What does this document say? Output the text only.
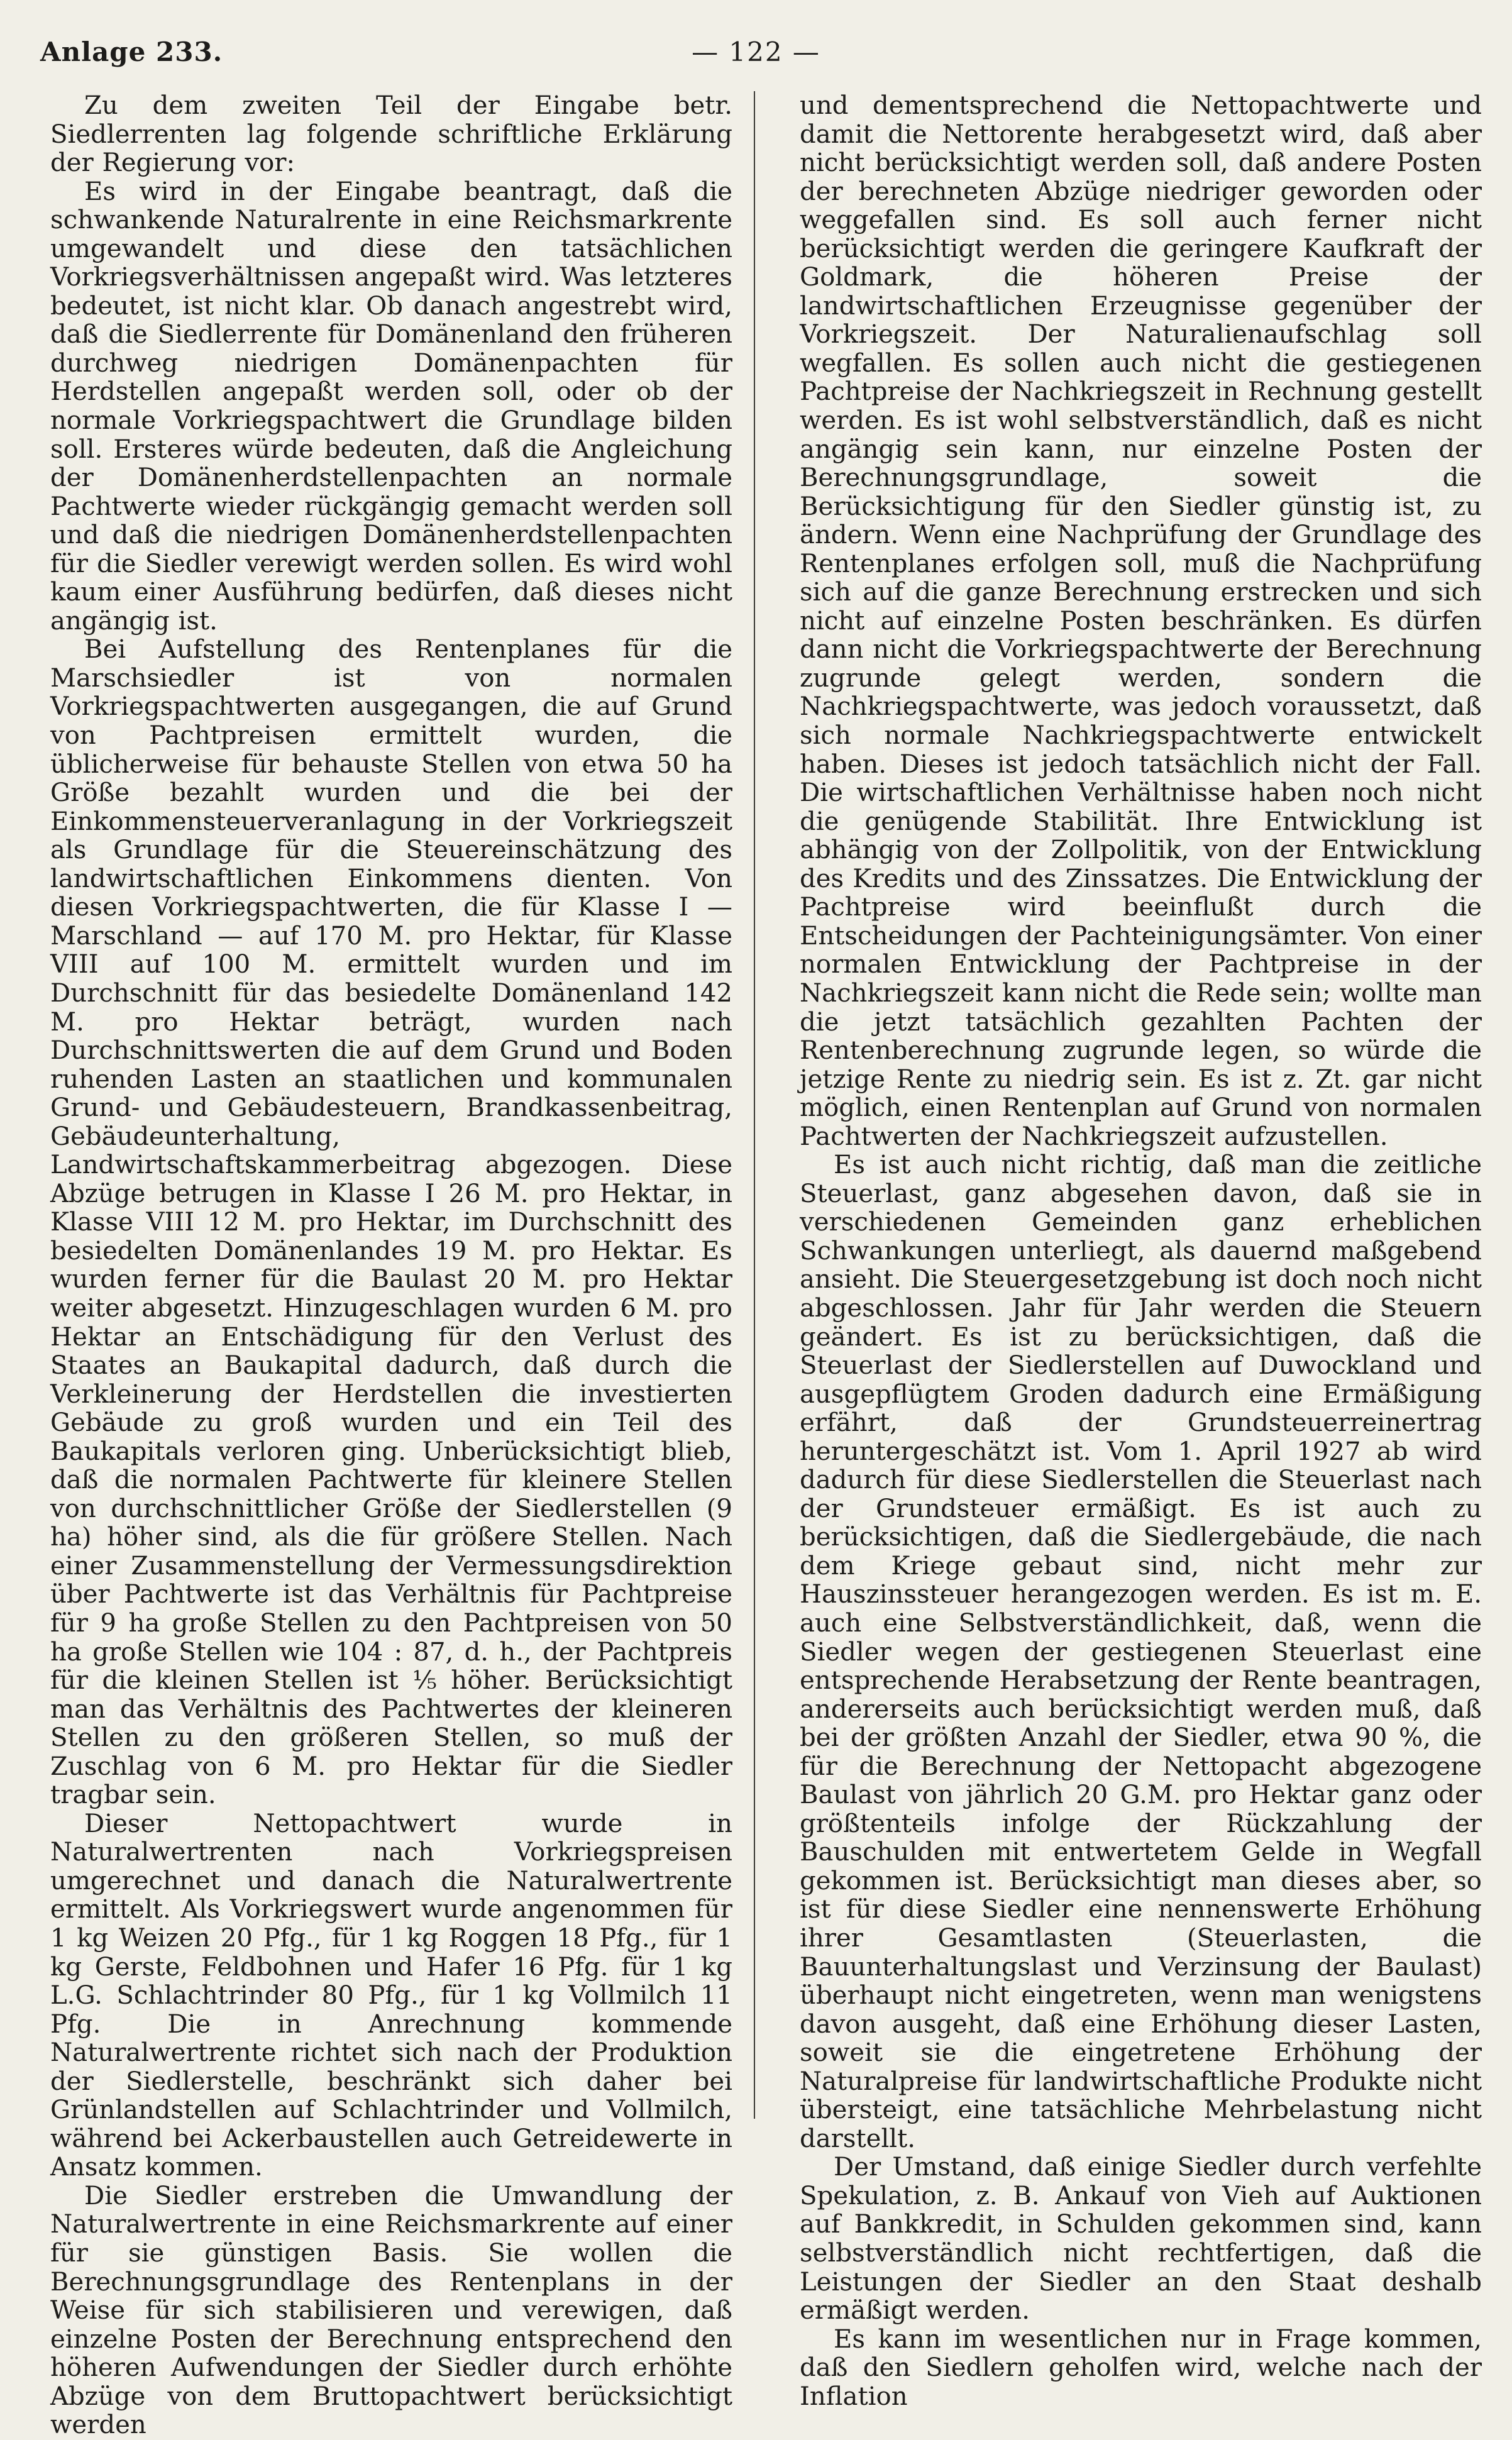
Anlage 233.	— 122 —

Zu dem zweiten Teil der Eingabe betr. Siedlerrenten lag folgende schriftliche Erklärung der Regierung vor:

Es wird in der Eingabe beantragt, daß die schwankende Naturalrente in eine Reichsmarkrente umgewandelt und diese den tatsächlichen Vorkriegsverhältnissen angepaßt wird. Was letzteres bedeutet, ist nicht klar. Ob danach angestrebt wird, daß die Siedlerrente für Domänenland den früheren durchweg niedrigen Domänenpachten für Herdstellen angepaßt werden soll, oder ob der normale Vorkriegspachtwert die Grundlage bilden soll. Ersteres würde bedeuten, daß die Angleichung der Domänenherdstellenpachten an normale Pachtwerte wieder rückgängig gemacht werden soll und daß die niedrigen Domänenherdstellenpachten für die Siedler verewigt werden sollen. Es wird wohl kaum einer Ausführung bedürfen, daß dieses nicht angängig ist.

Bei Aufstellung des Rentenplanes für die Marschsiedler ist von normalen Vorkriegspachtwerten ausgegangen, die auf Grund von Pachtpreisen ermittelt wurden, die üblicherweise für behauste Stellen von etwa 50 ha Größe bezahlt wurden und die bei der Einkommensteuerveranlagung in der Vorkriegszeit als Grundlage für die Steuereinschätzung des landwirtschaftlichen Einkommens dienten. Von diesen Vorkriegspachtwerten, die für Klasse I — Marschland — auf 170 M. pro Hektar, für Klasse VIII auf 100 M. ermittelt wurden und im Durchschnitt für das besiedelte Domänenland 142 M. pro Hektar beträgt, wurden nach Durchschnittswerten die auf dem Grund und Boden ruhenden Lasten an staatlichen und kommunalen Grund- und Gebäudesteuern, Brandkassenbeitrag, Gebäudeunterhaltung, Landwirtschaftskammerbeitrag abgezogen. Diese Abzüge betrugen in Klasse I 26 M. pro Hektar, in Klasse VIII 12 M. pro Hektar, im Durchschnitt des besiedelten Domänenlandes 19 M. pro Hektar. Es wurden ferner für die Baulast 20 M. pro Hektar weiter abgesetzt. Hinzugeschlagen wurden 6 M. pro Hektar an Entschädigung für den Verlust des Staates an Baukapital dadurch, daß durch die Verkleinerung der Herdstellen die investierten Gebäude zu groß wurden und ein Teil des Baukapitals verloren ging. Unberücksichtigt blieb, daß die normalen Pachtwerte für kleinere Stellen von durchschnittlicher Größe der Siedlerstellen (9 ha) höher sind, als die für größere Stellen. Nach einer Zusammenstellung der Vermessungsdirektion über Pachtwerte ist das Verhältnis für Pachtpreise für 9 ha große Stellen zu den Pachtpreisen von 50 ha große Stellen wie 104 : 87, d. h., der Pachtpreis für die kleinen Stellen ist ⅕ höher. Berücksichtigt man das Verhältnis des Pachtwertes der kleineren Stellen zu den größeren Stellen, so muß der Zuschlag von 6 M. pro Hektar für die Siedler tragbar sein.

Dieser Nettopachtwert wurde in Naturalwertrenten nach Vorkriegspreisen umgerechnet und danach die Naturalwertrente ermittelt. Als Vorkriegswert wurde angenommen für 1 kg Weizen 20 Pfg., für 1 kg Roggen 18 Pfg., für 1 kg Gerste, Feldbohnen und Hafer 16 Pfg. für 1 kg L.G. Schlachtrinder 80 Pfg., für 1 kg Vollmilch 11 Pfg. Die in Anrechnung kommende Naturalwertrente richtet sich nach der Produktion der Siedlerstelle, beschränkt sich daher bei Grünlandstellen auf Schlachtrinder und Vollmilch, während bei Ackerbaustellen auch Getreidewerte in Ansatz kommen.

Die Siedler erstreben die Umwandlung der Naturalwertrente in eine Reichsmarkrente auf einer für sie günstigen Basis. Sie wollen die Berechnungsgrundlage des Rentenplans in der Weise für sich stabilisieren und verewigen, daß einzelne Posten der Berechnung entsprechend den höheren Aufwendungen der Siedler durch erhöhte Abzüge von dem Bruttopachtwert berücksichtigt werden

und dementsprechend die Nettopachtwerte und damit die Nettorente herabgesetzt wird, daß aber nicht berücksichtigt werden soll, daß andere Posten der berechneten Abzüge niedriger geworden oder weggefallen sind. Es soll auch ferner nicht berücksichtigt werden die geringere Kaufkraft der Goldmark, die höheren Preise der landwirtschaftlichen Erzeugnisse gegenüber der Vorkriegszeit. Der Naturalienaufschlag soll wegfallen. Es sollen auch nicht die gestiegenen Pachtpreise der Nachkriegszeit in Rechnung gestellt werden. Es ist wohl selbstverständlich, daß es nicht angängig sein kann, nur einzelne Posten der Berechnungsgrundlage, soweit die Berücksichtigung für den Siedler günstig ist, zu ändern. Wenn eine Nachprüfung der Grundlage des Rentenplanes erfolgen soll, muß die Nachprüfung sich auf die ganze Berechnung erstrecken und sich nicht auf einzelne Posten beschränken. Es dürfen dann nicht die Vorkriegspachtwerte der Berechnung zugrunde gelegt werden, sondern die Nachkriegspachtwerte, was jedoch voraussetzt, daß sich normale Nachkriegspachtwerte entwickelt haben. Dieses ist jedoch tatsächlich nicht der Fall. Die wirtschaftlichen Verhältnisse haben noch nicht die genügende Stabilität. Ihre Entwicklung ist abhängig von der Zollpolitik, von der Entwicklung des Kredits und des Zinssatzes. Die Entwicklung der Pachtpreise wird beeinflußt durch die Entscheidungen der Pachteinigungsämter. Von einer normalen Entwicklung der Pachtpreise in der Nachkriegszeit kann nicht die Rede sein; wollte man die jetzt tatsächlich gezahlten Pachten der Rentenberechnung zugrunde legen, so würde die jetzige Rente zu niedrig sein. Es ist z. Zt. gar nicht möglich, einen Rentenplan auf Grund von normalen Pachtwerten der Nachkriegszeit aufzustellen.

Es ist auch nicht richtig, daß man die zeitliche Steuerlast, ganz abgesehen davon, daß sie in verschiedenen Gemeinden ganz erheblichen Schwankungen unterliegt, als dauernd maßgebend ansieht. Die Steuergesetzgebung ist doch noch nicht abgeschlossen. Jahr für Jahr werden die Steuern geändert. Es ist zu berücksichtigen, daß die Steuerlast der Siedlerstellen auf Duwockland und ausgepflügtem Groden dadurch eine Ermäßigung erfährt, daß der Grundsteuerreinertrag heruntergeschätzt ist. Vom 1. April 1927 ab wird dadurch für diese Siedlerstellen die Steuerlast nach der Grundsteuer ermäßigt. Es ist auch zu berücksichtigen, daß die Siedlergebäude, die nach dem Kriege gebaut sind, nicht mehr zur Hauszinssteuer herangezogen werden. Es ist m. E. auch eine Selbstverständlichkeit, daß, wenn die Siedler wegen der gestiegenen Steuerlast eine entsprechende Herabsetzung der Rente beantragen, andererseits auch berücksichtigt werden muß, daß bei der größten Anzahl der Siedler, etwa 90 %, die für die Berechnung der Nettopacht abgezogene Baulast von jährlich 20 G.M. pro Hektar ganz oder größtenteils infolge der Rückzahlung der Bauschulden mit entwertetem Gelde in Wegfall gekommen ist. Berücksichtigt man dieses aber, so ist für diese Siedler eine nennenswerte Erhöhung ihrer Gesamtlasten (Steuerlasten, die Bauunterhaltungslast und Verzinsung der Baulast) überhaupt nicht eingetreten, wenn man wenigstens davon ausgeht, daß eine Erhöhung dieser Lasten, soweit sie die eingetretene Erhöhung der Naturalpreise für landwirtschaftliche Produkte nicht übersteigt, eine tatsächliche Mehrbelastung nicht darstellt.

Der Umstand, daß einige Siedler durch verfehlte Spekulation, z. B. Ankauf von Vieh auf Auktionen auf Bankkredit, in Schulden gekommen sind, kann selbstverständlich nicht rechtfertigen, daß die Leistungen der Siedler an den Staat deshalb ermäßigt werden.

Es kann im wesentlichen nur in Frage kommen, daß den Siedlern geholfen wird, welche nach der Inflation
